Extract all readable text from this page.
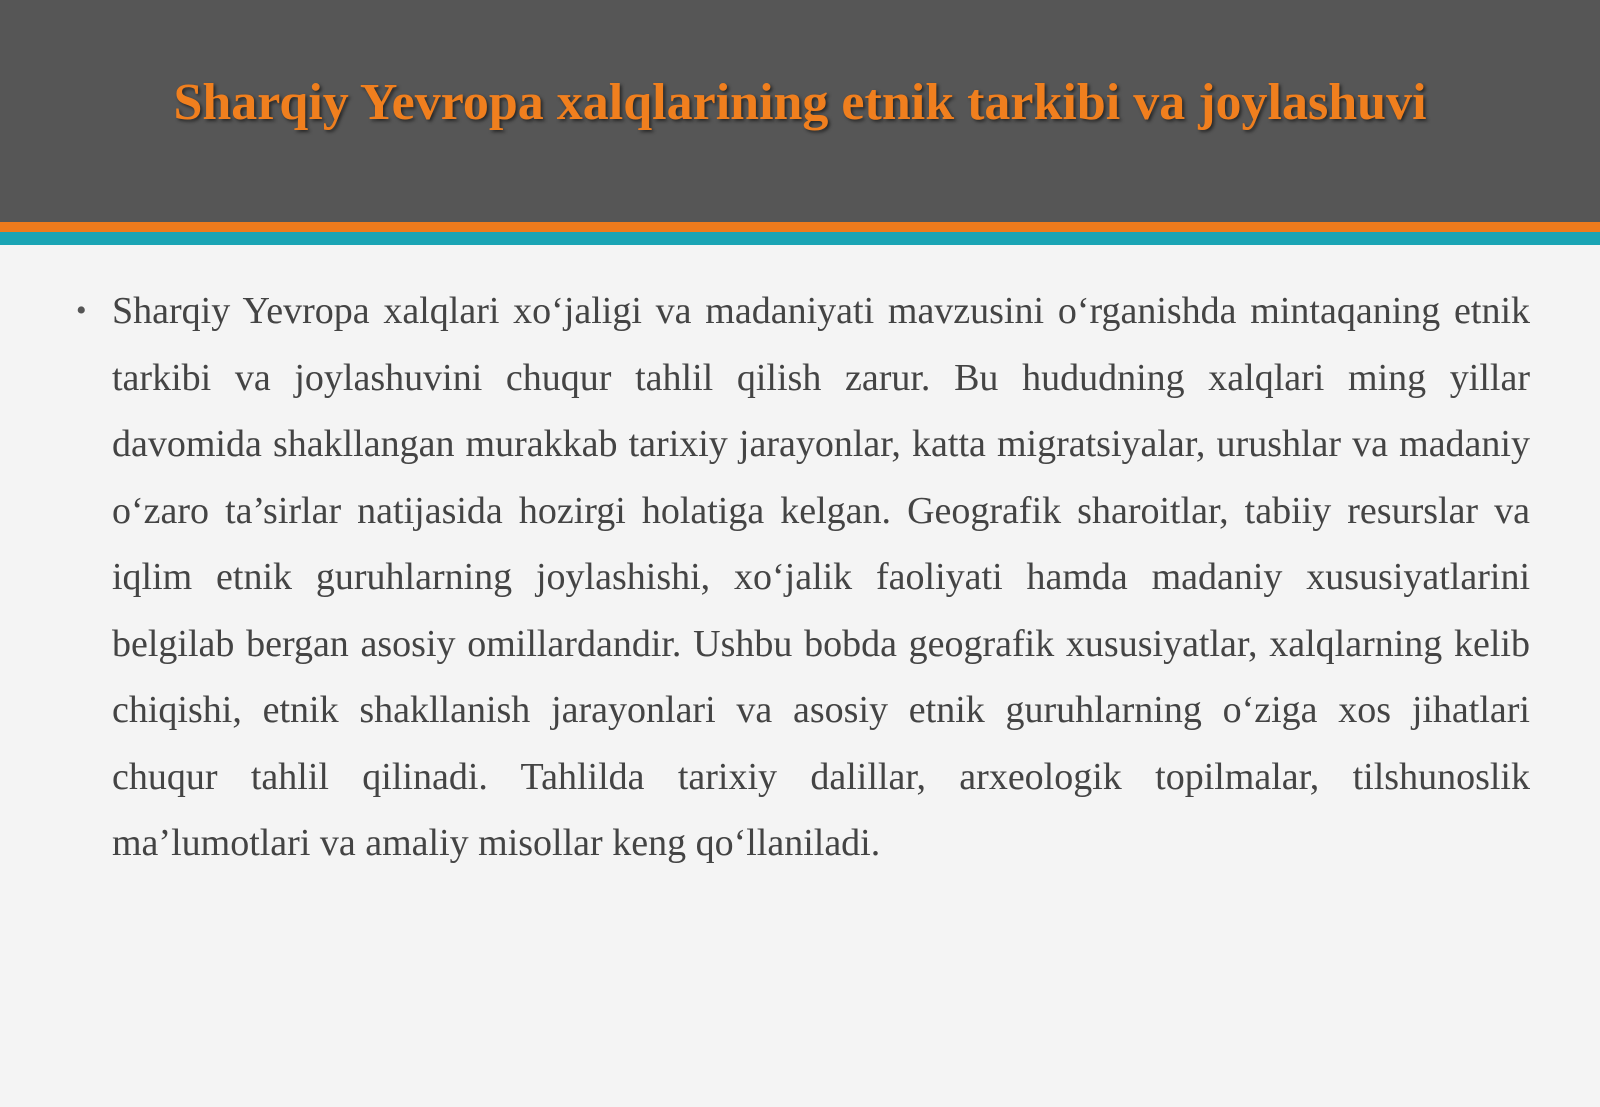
Sharqiy Yevropa xalqlarining etnik tarkibi va joylashuvi
• Sharqiy Yevropa xalqlari xo‘jaligi va madaniyati mavzusini o‘rganishda mintaqaning etnik tarkibi va joylashuvini chuqur tahlil qilish zarur. Bu hududning xalqlari ming yillar davomida shakllangan murakkab tarixiy jarayonlar, katta migratsiyalar, urushlar va madaniy o‘zaro ta’sirlar natijasida hozirgi holatiga kelgan. Geografik sharoitlar, tabiiy resurslar va iqlim etnik guruhlarning joylashishi, xo‘jalik faoliyati hamda madaniy xususiyatlarini belgilab bergan asosiy omillardandir. Ushbu bobda geografik xususiyatlar, xalqlarning kelib chiqishi, etnik shakllanish jarayonlari va asosiy etnik guruhlarning o‘ziga xos jihatlari chuqur tahlil qilinadi. Tahlilda tarixiy dalillar, arxeologik topilmalar, tilshunoslik ma’lumotlari va amaliy misollar keng qo‘llaniladi.
